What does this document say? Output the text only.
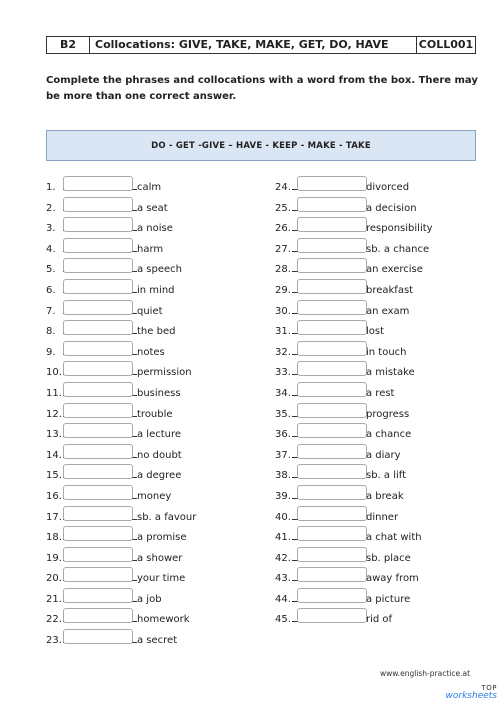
B2	Collocations: GIVE, TAKE, MAKE, GET, DO, HAVE	COLL001
Complete the phrases and collocations with a word from the box. There may be more than one correct answer.
DO - GET -GIVE – HAVE - KEEP - MAKE - TAKE
1.	calm
2.	a seat
3.	a noise
4.	harm
5.	a speech
6.	in mind
7.	quiet
8.	the bed
9.	notes
10.	permission
11.	business
12.	trouble
13.	a lecture
14.	no doubt
15.	a degree
16.	money
17.	sb. a favour
18.	a promise
19.	a shower
20.	your time
21.	a job
22.	homework
23.	a secret
24.	divorced
25.	a decision
26.	responsibility
27.	sb. a chance
28.	an exercise
29.	breakfast
30.	an exam
31.	lost
32.	in touch
33.	a mistake
34.	a rest
35.	progress
36.	a chance
37.	a diary
38.	sb. a lift
39.	a break
40.	dinner
41.	a chat with
42.	sb. place
43.	away from
44.	a picture
45.	rid of
www.english-practice.at
TOP
worksheets
